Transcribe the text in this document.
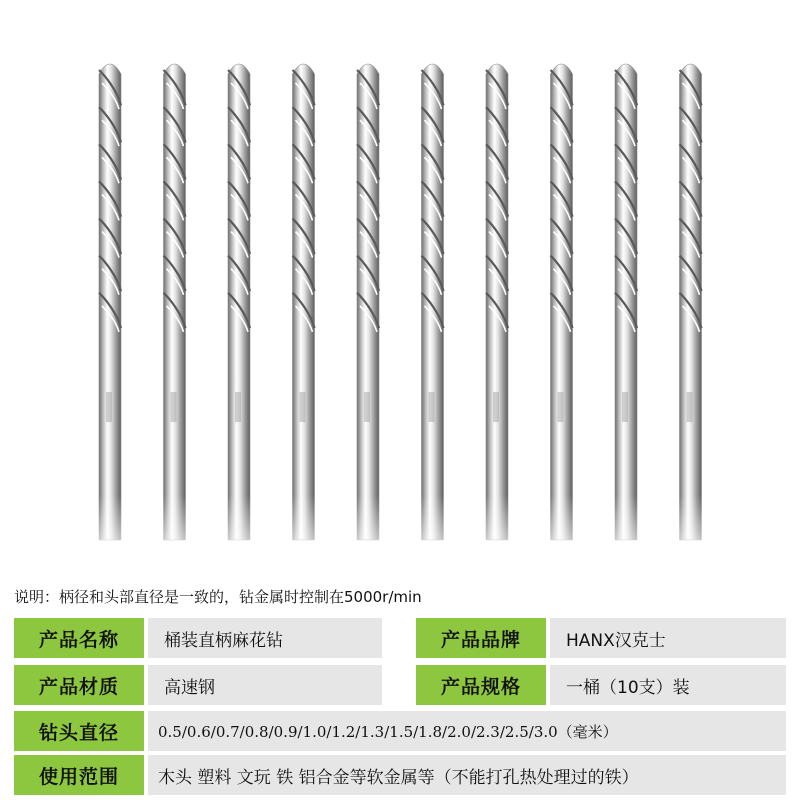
说明：柄径和头部直径是一致的，钻金属时控制在5000r/min
产品名称	桶装直柄麻花钻	产品品牌	HANX汉克士
产品材质	高速钢	产品规格	一桶（10支）装
钻头直径	0.5/0.6/0.7/0.8/0.9/1.0/1.2/1.3/1.5/1.8/2.0/2.3/2.5/3.0（毫米）
使用范围	木头 塑料 文玩 铁 铝合金等软金属等（不能打孔热处理过的铁）
